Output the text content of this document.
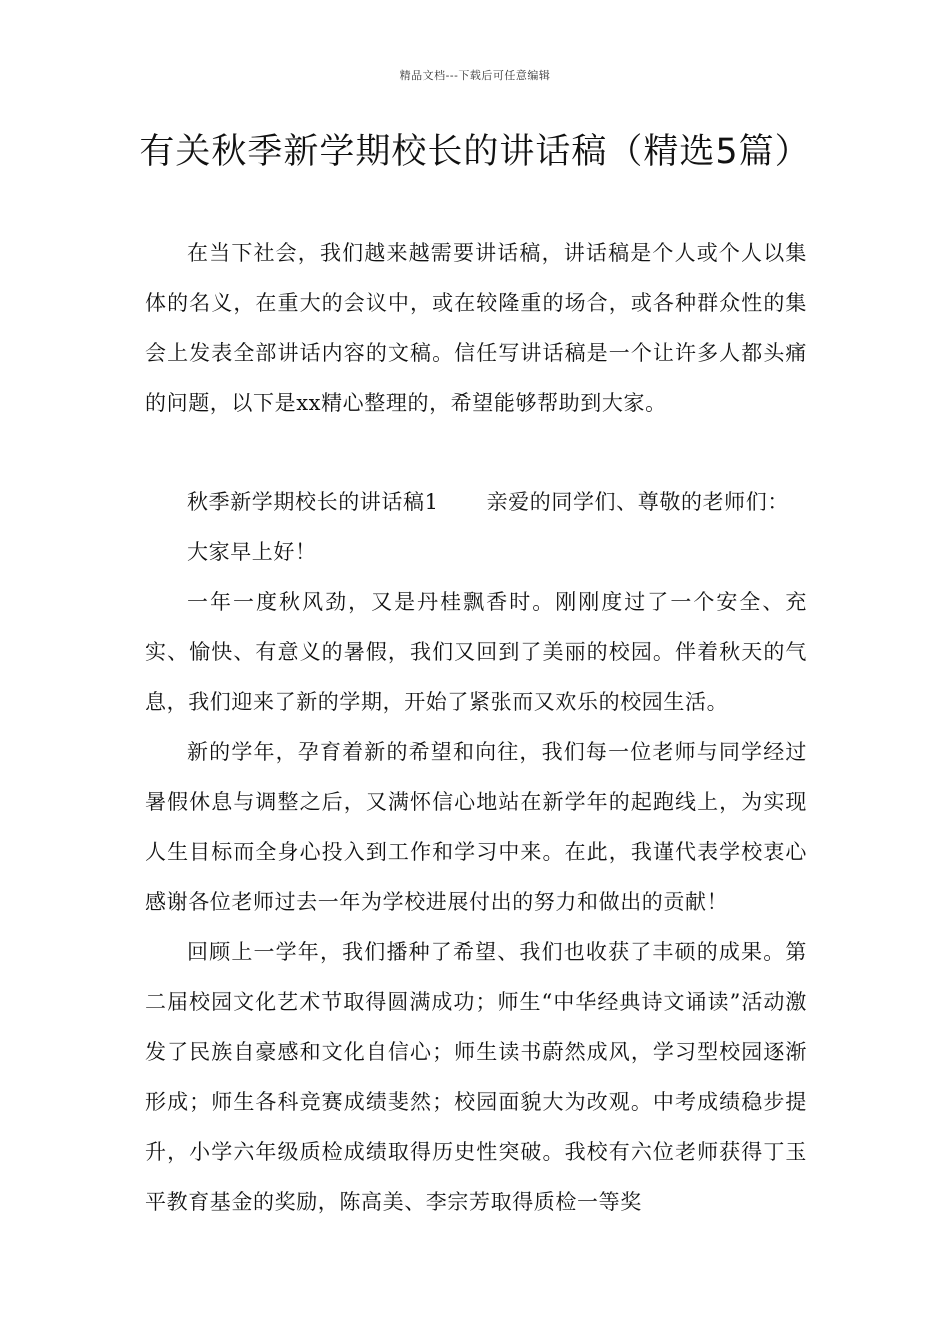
精品文档---下载后可任意编辑
有关秋季新学期校长的讲话稿（精选5篇）

在当下社会，我们越来越需要讲话稿，讲话稿是个人或个人以集体的名义，在重大的会议中，或在较隆重的场合，或各种群众性的集会上发表全部讲话内容的文稿。信任写讲话稿是一个让许多人都头痛的问题，以下是xx精心整理的，希望能够帮助到大家。

秋季新学期校长的讲话稿1 亲爱的同学们、尊敬的老师们：

大家早上好！

一年一度秋风劲，又是丹桂飘香时。刚刚度过了一个安全、充实、愉快、有意义的暑假，我们又回到了美丽的校园。伴着秋天的气息，我们迎来了新的学期，开始了紧张而又欢乐的校园生活。

新的学年，孕育着新的希望和向往，我们每一位老师与同学经过暑假休息与调整之后，又满怀信心地站在新学年的起跑线上，为实现人生目标而全身心投入到工作和学习中来。在此，我谨代表学校衷心感谢各位老师过去一年为学校进展付出的努力和做出的贡献！

回顾上一学年，我们播种了希望、我们也收获了丰硕的成果。第二届校园文化艺术节取得圆满成功；师生“中华经典诗文诵读”活动激发了民族自豪感和文化自信心；师生读书蔚然成风，学习型校园逐渐形成；师生各科竞赛成绩斐然；校园面貌大为改观。中考成绩稳步提升，小学六年级质检成绩取得历史性突破。我校有六位老师获得丁玉平教育基金的奖励，陈高美、李宗芳取得质检一等奖
